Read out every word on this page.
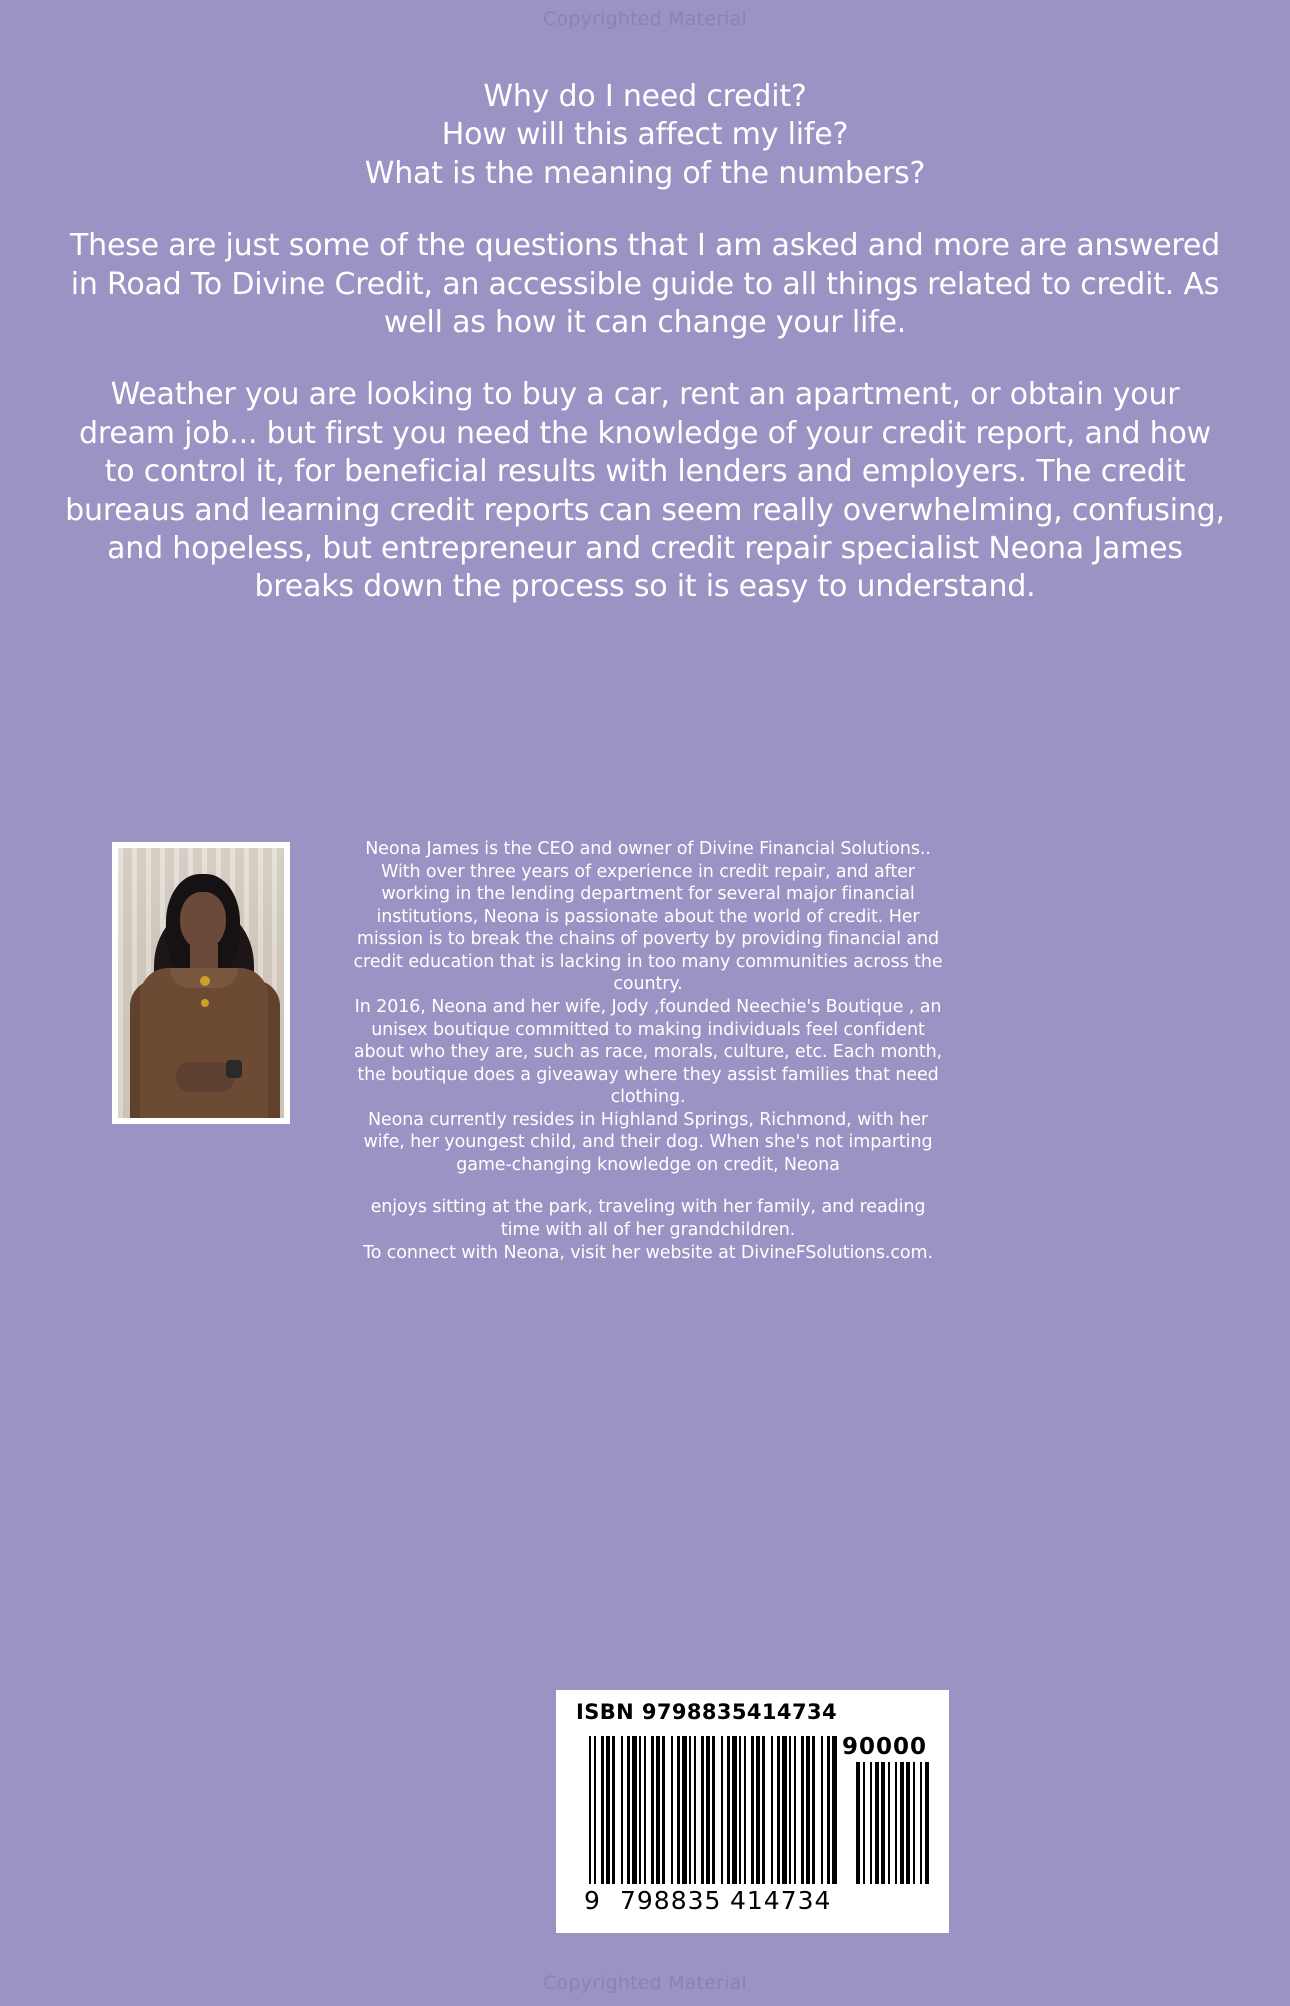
Copyrighted Material

Why do I need credit?
How will this affect my life?
What is the meaning of the numbers?

These are just some of the questions that I am asked and more are answered in Road To Divine Credit, an accessible guide to all things related to credit. As well as how it can change your life.

Weather you are looking to buy a car, rent an apartment, or obtain your dream job... but first you need the knowledge of your credit report, and how to control it, for beneficial results with lenders and employers. The credit bureaus and learning credit reports can seem really overwhelming, confusing, and hopeless, but entrepreneur and credit repair specialist Neona James breaks down the process so it is easy to understand.

Neona James is the CEO and owner of Divine Financial Solutions.. With over three years of experience in credit repair, and after working in the lending department for several major financial institutions, Neona is passionate about the world of credit. Her mission is to break the chains of poverty by providing financial and credit education that is lacking in too many communities across the country.

In 2016, Neona and her wife, Jody ,founded Neechie's Boutique , an unisex boutique committed to making individuals feel confident about who they are, such as race, morals, culture, etc. Each month, the boutique does a giveaway where they assist families that need clothing.

Neona currently resides in Highland Springs, Richmond, with her wife, her youngest child, and their dog. When she's not imparting game-changing knowledge on credit, Neona

enjoys sitting at the park, traveling with her family, and reading time with all of her grandchildren.

To connect with Neona, visit her website at DivineFSolutions.com.

ISBN 9798835414734
90000
9 798835 414734
Copyrighted Material
